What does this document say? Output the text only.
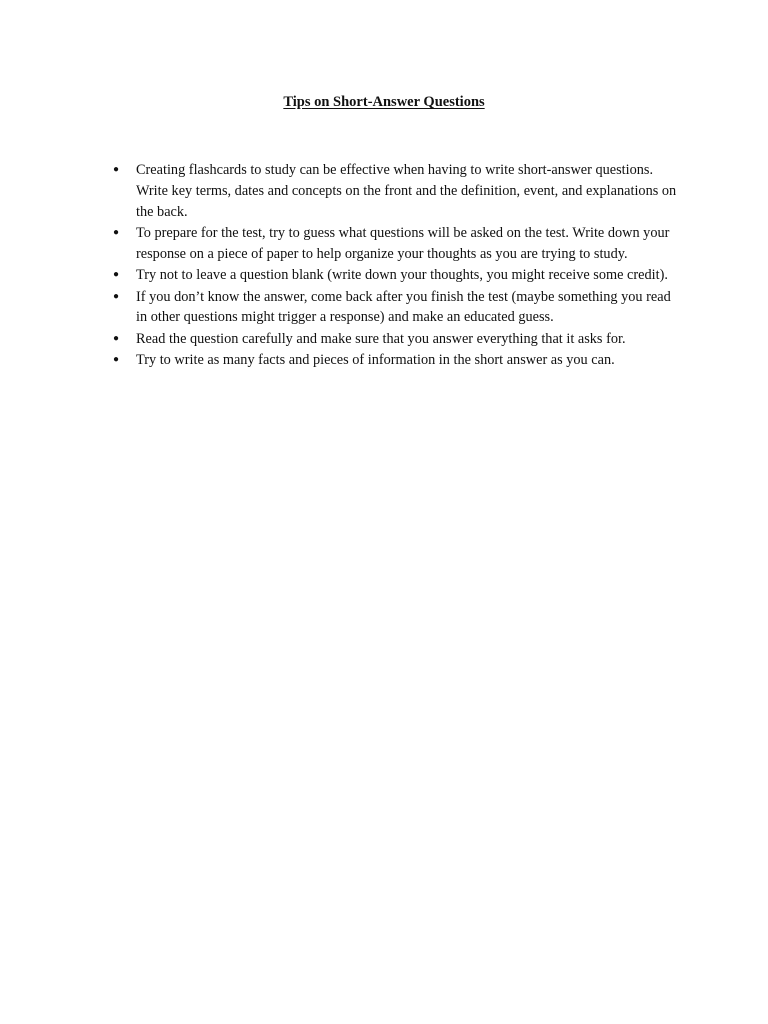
Tips on Short-Answer Questions
● Creating flashcards to study can be effective when having to write short-answer questions. Write key terms, dates and concepts on the front and the definition, event, and explanations on the back.
● To prepare for the test, try to guess what questions will be asked on the test. Write down your response on a piece of paper to help organize your thoughts as you are trying to study.
● Try not to leave a question blank (write down your thoughts, you might receive some credit).
● If you don’t know the answer, come back after you finish the test (maybe something you read in other questions might trigger a response) and make an educated guess.
● Read the question carefully and make sure that you answer everything that it asks for.
● Try to write as many facts and pieces of information in the short answer as you can.
